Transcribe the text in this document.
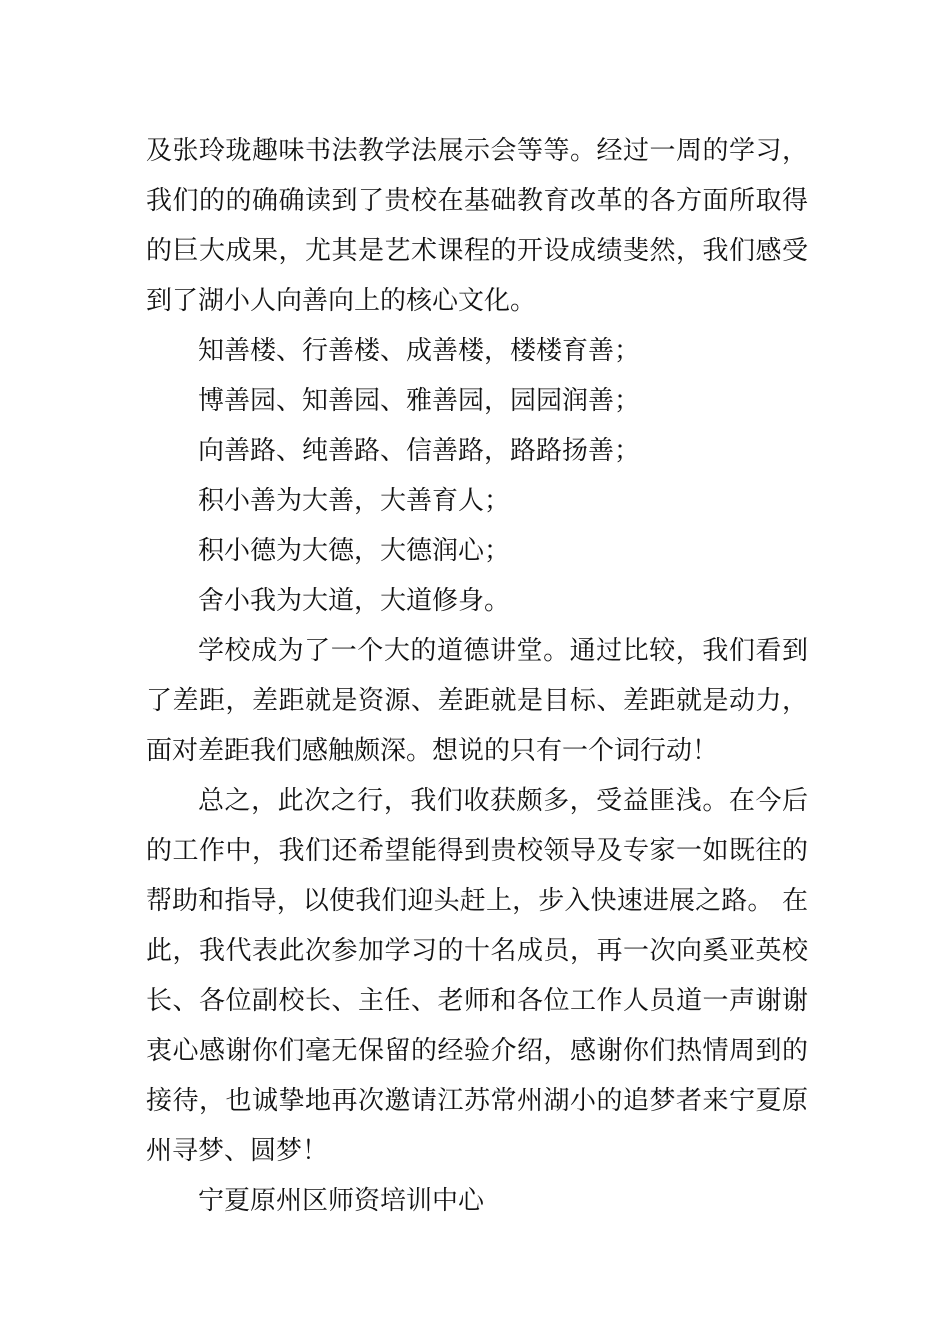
及张玲珑趣味书法教学法展示会等等。经过一周的学习，
我们的的确确读到了贵校在基础教育改革的各方面所取得
的巨大成果，尤其是艺术课程的开设成绩斐然，我们感受
到了湖小人向善向上的核心文化。
知善楼、行善楼、成善楼，楼楼育善；
博善园、知善园、雅善园，园园润善；
向善路、纯善路、信善路，路路扬善；
积小善为大善，大善育人；
积小德为大德，大德润心；
舍小我为大道，大道修身。
学校成为了一个大的道德讲堂。通过比较，我们看到
了差距，差距就是资源、差距就是目标、差距就是动力，
面对差距我们感触颇深。想说的只有一个词行动！
总之，此次之行，我们收获颇多，受益匪浅。在今后
的工作中，我们还希望能得到贵校领导及专家一如既往的
帮助和指导，以使我们迎头赶上，步入快速进展之路。 在
此，我代表此次参加学习的十名成员，再一次向奚亚英校
长、各位副校长、主任、老师和各位工作人员道一声谢谢
衷心感谢你们毫无保留的经验介绍，感谢你们热情周到的
接待，也诚挚地再次邀请江苏常州湖小的追梦者来宁夏原
州寻梦、圆梦！
宁夏原州区师资培训中心
